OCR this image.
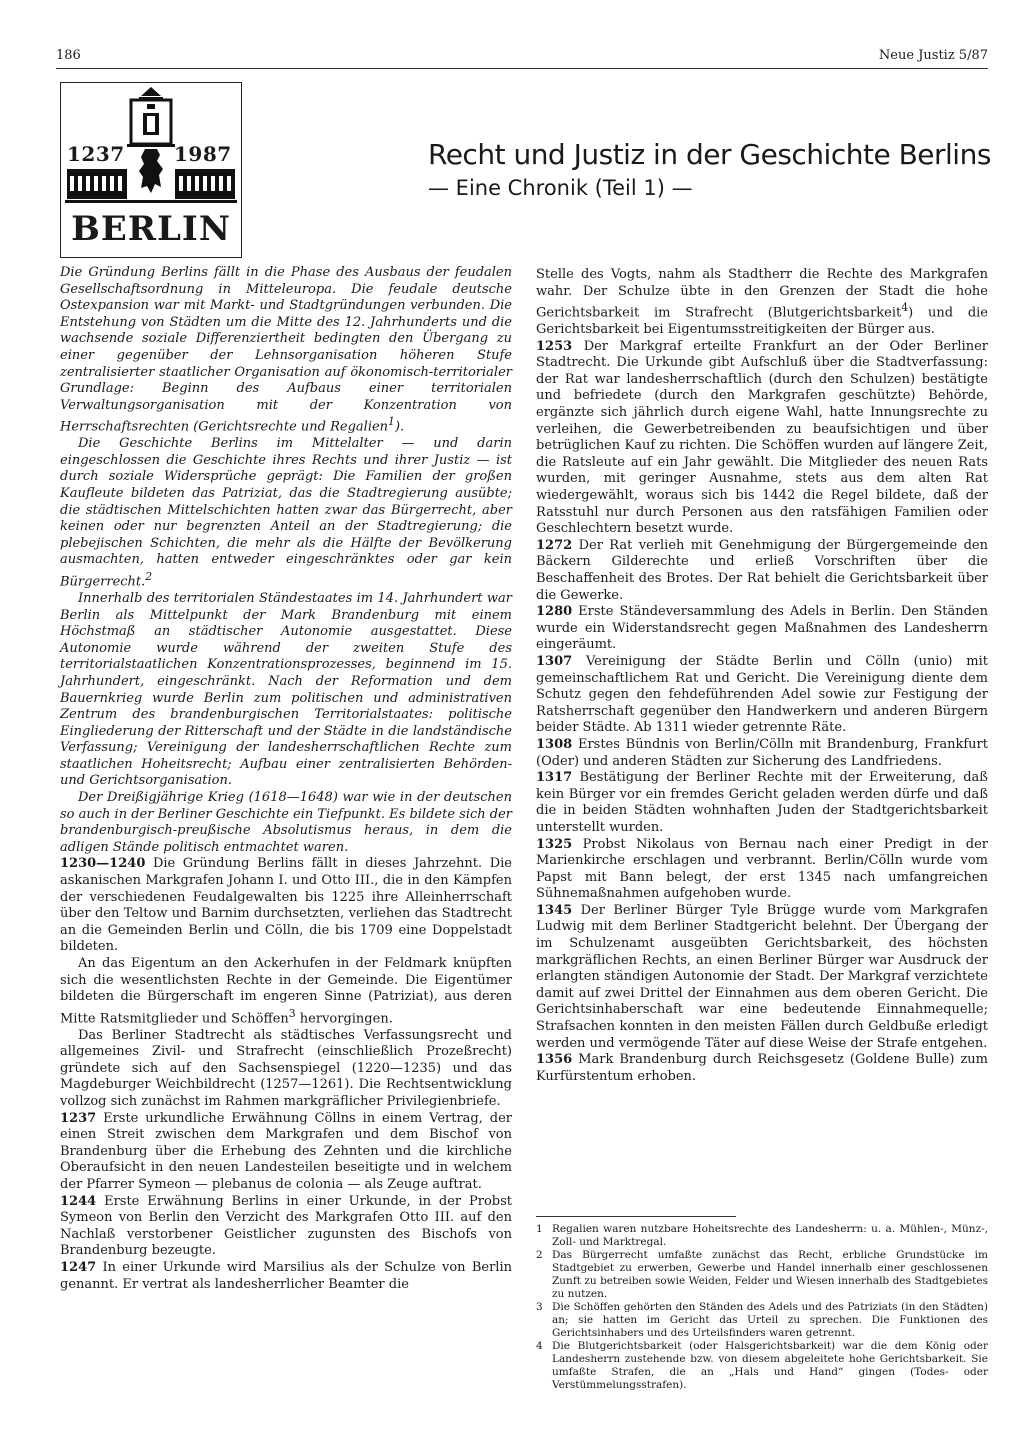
186	Neue Justiz 5/87
1237 1987
BERLIN
Recht und Justiz in der Geschichte Berlins
— Eine Chronik (Teil 1) —

Die Gründung Berlins fällt in die Phase des Ausbaus der feudalen Gesellschaftsordnung in Mitteleuropa. Die feudale deutsche Ostexpansion war mit Markt- und Stadtgründungen verbunden. Die Entstehung von Städten um die Mitte des 12. Jahrhunderts und die wachsende soziale Differenziertheit bedingten den Übergang zu einer gegenüber der Lehnsorganisation höheren Stufe zentralisierter staatlicher Organisation auf ökonomisch-territorialer Grundlage: Beginn des Aufbaus einer territorialen Verwaltungsorganisation mit der Konzentration von Herrschaftsrechten (Gerichtsrechte und Regalien$^1$).

Die Geschichte Berlins im Mittelalter — und darin eingeschlossen die Geschichte ihres Rechts und ihrer Justiz — ist durch soziale Widersprüche geprägt: Die Familien der großen Kaufleute bildeten das Patriziat, das die Stadtregierung ausübte; die städtischen Mittelschichten hatten zwar das Bürgerrecht, aber keinen oder nur begrenzten Anteil an der Stadtregierung; die plebejischen Schichten, die mehr als die Hälfte der Bevölkerung ausmachten, hatten entweder eingeschränktes oder gar kein Bürgerrecht.$^2$

Innerhalb des territorialen Ständestaates im 14. Jahrhundert war Berlin als Mittelpunkt der Mark Brandenburg mit einem Höchstmaß an städtischer Autonomie ausgestattet. Diese Autonomie wurde während der zweiten Stufe des territorialstaatlichen Konzentrationsprozesses, beginnend im 15. Jahrhundert, eingeschränkt. Nach der Reformation und dem Bauernkrieg wurde Berlin zum politischen und administrativen Zentrum des brandenburgischen Territorialstaates: politische Eingliederung der Ritterschaft und der Städte in die landständische Verfassung; Vereinigung der landesherrschaftlichen Rechte zum staatlichen Hoheitsrecht; Aufbau einer zentralisierten Behörden- und Gerichtsorganisation.

Der Dreißigjährige Krieg (1618—1648) war wie in der deutschen so auch in der Berliner Geschichte ein Tiefpunkt. Es bildete sich der brandenburgisch-preußische Absolutismus heraus, in dem die adligen Stände politisch entmachtet waren.

1230—1240 Die Gründung Berlins fällt in dieses Jahrzehnt. Die askanischen Markgrafen Johann I. und Otto III., die in den Kämpfen der verschiedenen Feudalgewalten bis 1225 ihre Alleinherrschaft über den Teltow und Barnim durchsetzten, verliehen das Stadtrecht an die Gemeinden Berlin und Cölln, die bis 1709 eine Doppelstadt bildeten.

An das Eigentum an den Ackerhufen in der Feldmark knüpften sich die wesentlichsten Rechte in der Gemeinde. Die Eigentümer bildeten die Bürgerschaft im engeren Sinne (Patriziat), aus deren Mitte Ratsmitglieder und Schöffen$^3$ hervorgingen.

Das Berliner Stadtrecht als städtisches Verfassungsrecht und allgemeines Zivil- und Strafrecht (einschließlich Prozeßrecht) gründete sich auf den Sachsenspiegel (1220—1235) und das Magdeburger Weichbildrecht (1257—1261). Die Rechtsentwicklung vollzog sich zunächst im Rahmen markgräflicher Privilegienbriefe.

1237 Erste urkundliche Erwähnung Cöllns in einem Vertrag, der einen Streit zwischen dem Markgrafen und dem Bischof von Brandenburg über die Erhebung des Zehnten und die kirchliche Oberaufsicht in den neuen Landesteilen beseitigte und in welchem der Pfarrer Symeon — plebanus de colonia — als Zeuge auftrat.

1244 Erste Erwähnung Berlins in einer Urkunde, in der Probst Symeon von Berlin den Verzicht des Markgrafen Otto III. auf den Nachlaß verstorbener Geistlicher zugunsten des Bischofs von Brandenburg bezeugte.

1247 In einer Urkunde wird Marsilius als der Schulze von Berlin genannt. Er vertrat als landesherrlicher Beamter die

Stelle des Vogts, nahm als Stadtherr die Rechte des Markgrafen wahr. Der Schulze übte in den Grenzen der Stadt die hohe Gerichtsbarkeit im Strafrecht (Blutgerichtsbarkeit$^4$) und die Gerichtsbarkeit bei Eigentumsstreitigkeiten der Bürger aus.

1253 Der Markgraf erteilte Frankfurt an der Oder Berliner Stadtrecht. Die Urkunde gibt Aufschluß über die Stadtverfassung: der Rat war landesherrschaftlich (durch den Schulzen) bestätigte und befriedete (durch den Markgrafen geschützte) Behörde, ergänzte sich jährlich durch eigene Wahl, hatte Innungsrechte zu verleihen, die Gewerbetreibenden zu beaufsichtigen und über betrüglichen Kauf zu richten. Die Schöffen wurden auf längere Zeit, die Ratsleute auf ein Jahr gewählt. Die Mitglieder des neuen Rats wurden, mit geringer Ausnahme, stets aus dem alten Rat wiedergewählt, woraus sich bis 1442 die Regel bildete, daß der Ratsstuhl nur durch Personen aus den ratsfähigen Familien oder Geschlechtern besetzt wurde.

1272 Der Rat verlieh mit Genehmigung der Bürgergemeinde den Bäckern Gilderechte und erließ Vorschriften über die Beschaffenheit des Brotes. Der Rat behielt die Gerichtsbarkeit über die Gewerke.

1280 Erste Ständeversammlung des Adels in Berlin. Den Ständen wurde ein Widerstandsrecht gegen Maßnahmen des Landesherrn eingeräumt.

1307 Vereinigung der Städte Berlin und Cölln (unio) mit gemeinschaftlichem Rat und Gericht. Die Vereinigung diente dem Schutz gegen den fehdeführenden Adel sowie zur Festigung der Ratsherrschaft gegenüber den Handwerkern und anderen Bürgern beider Städte. Ab 1311 wieder getrennte Räte.

1308 Erstes Bündnis von Berlin/Cölln mit Brandenburg, Frankfurt (Oder) und anderen Städten zur Sicherung des Landfriedens.

1317 Bestätigung der Berliner Rechte mit der Erweiterung, daß kein Bürger vor ein fremdes Gericht geladen werden dürfe und daß die in beiden Städten wohnhaften Juden der Stadtgerichtsbarkeit unterstellt wurden.

1325 Probst Nikolaus von Bernau nach einer Predigt in der Marienkirche erschlagen und verbrannt. Berlin/Cölln wurde vom Papst mit Bann belegt, der erst 1345 nach umfangreichen Sühnemaßnahmen aufgehoben wurde.

1345 Der Berliner Bürger Tyle Brügge wurde vom Markgrafen Ludwig mit dem Berliner Stadtgericht belehnt. Der Übergang der im Schulzenamt ausgeübten Gerichtsbarkeit, des höchsten markgräflichen Rechts, an einen Berliner Bürger war Ausdruck der erlangten ständigen Autonomie der Stadt. Der Markgraf verzichtete damit auf zwei Drittel der Einnahmen aus dem oberen Gericht. Die Gerichtsinhaberschaft war eine bedeutende Einnahmequelle; Strafsachen konnten in den meisten Fällen durch Geldbuße erledigt werden und vermögende Täter auf diese Weise der Strafe entgehen.

1356 Mark Brandenburg durch Reichsgesetz (Goldene Bulle) zum Kurfürstentum erhoben.

1 Regalien waren nutzbare Hoheitsrechte des Landesherrn: u. a. Mühlen-, Münz-, Zoll- und Marktregal.
2 Das Bürgerrecht umfaßte zunächst das Recht, erbliche Grundstücke im Stadtgebiet zu erwerben, Gewerbe und Handel innerhalb einer geschlossenen Zunft zu betreiben sowie Weiden, Felder und Wiesen innerhalb des Stadtgebietes zu nutzen.
3 Die Schöffen gehörten den Ständen des Adels und des Patriziats (in den Städten) an; sie hatten im Gericht das Urteil zu sprechen. Die Funktionen des Gerichtsinhabers und des Urteilsfinders waren getrennt.
4 Die Blutgerichtsbarkeit (oder Halsgerichtsbarkeit) war die dem König oder Landesherrn zustehende bzw. von diesem abgeleitete hohe Gerichtsbarkeit. Sie umfaßte Strafen, die an „Hals und Hand“ gingen (Todes- oder Verstümmelungsstrafen).
